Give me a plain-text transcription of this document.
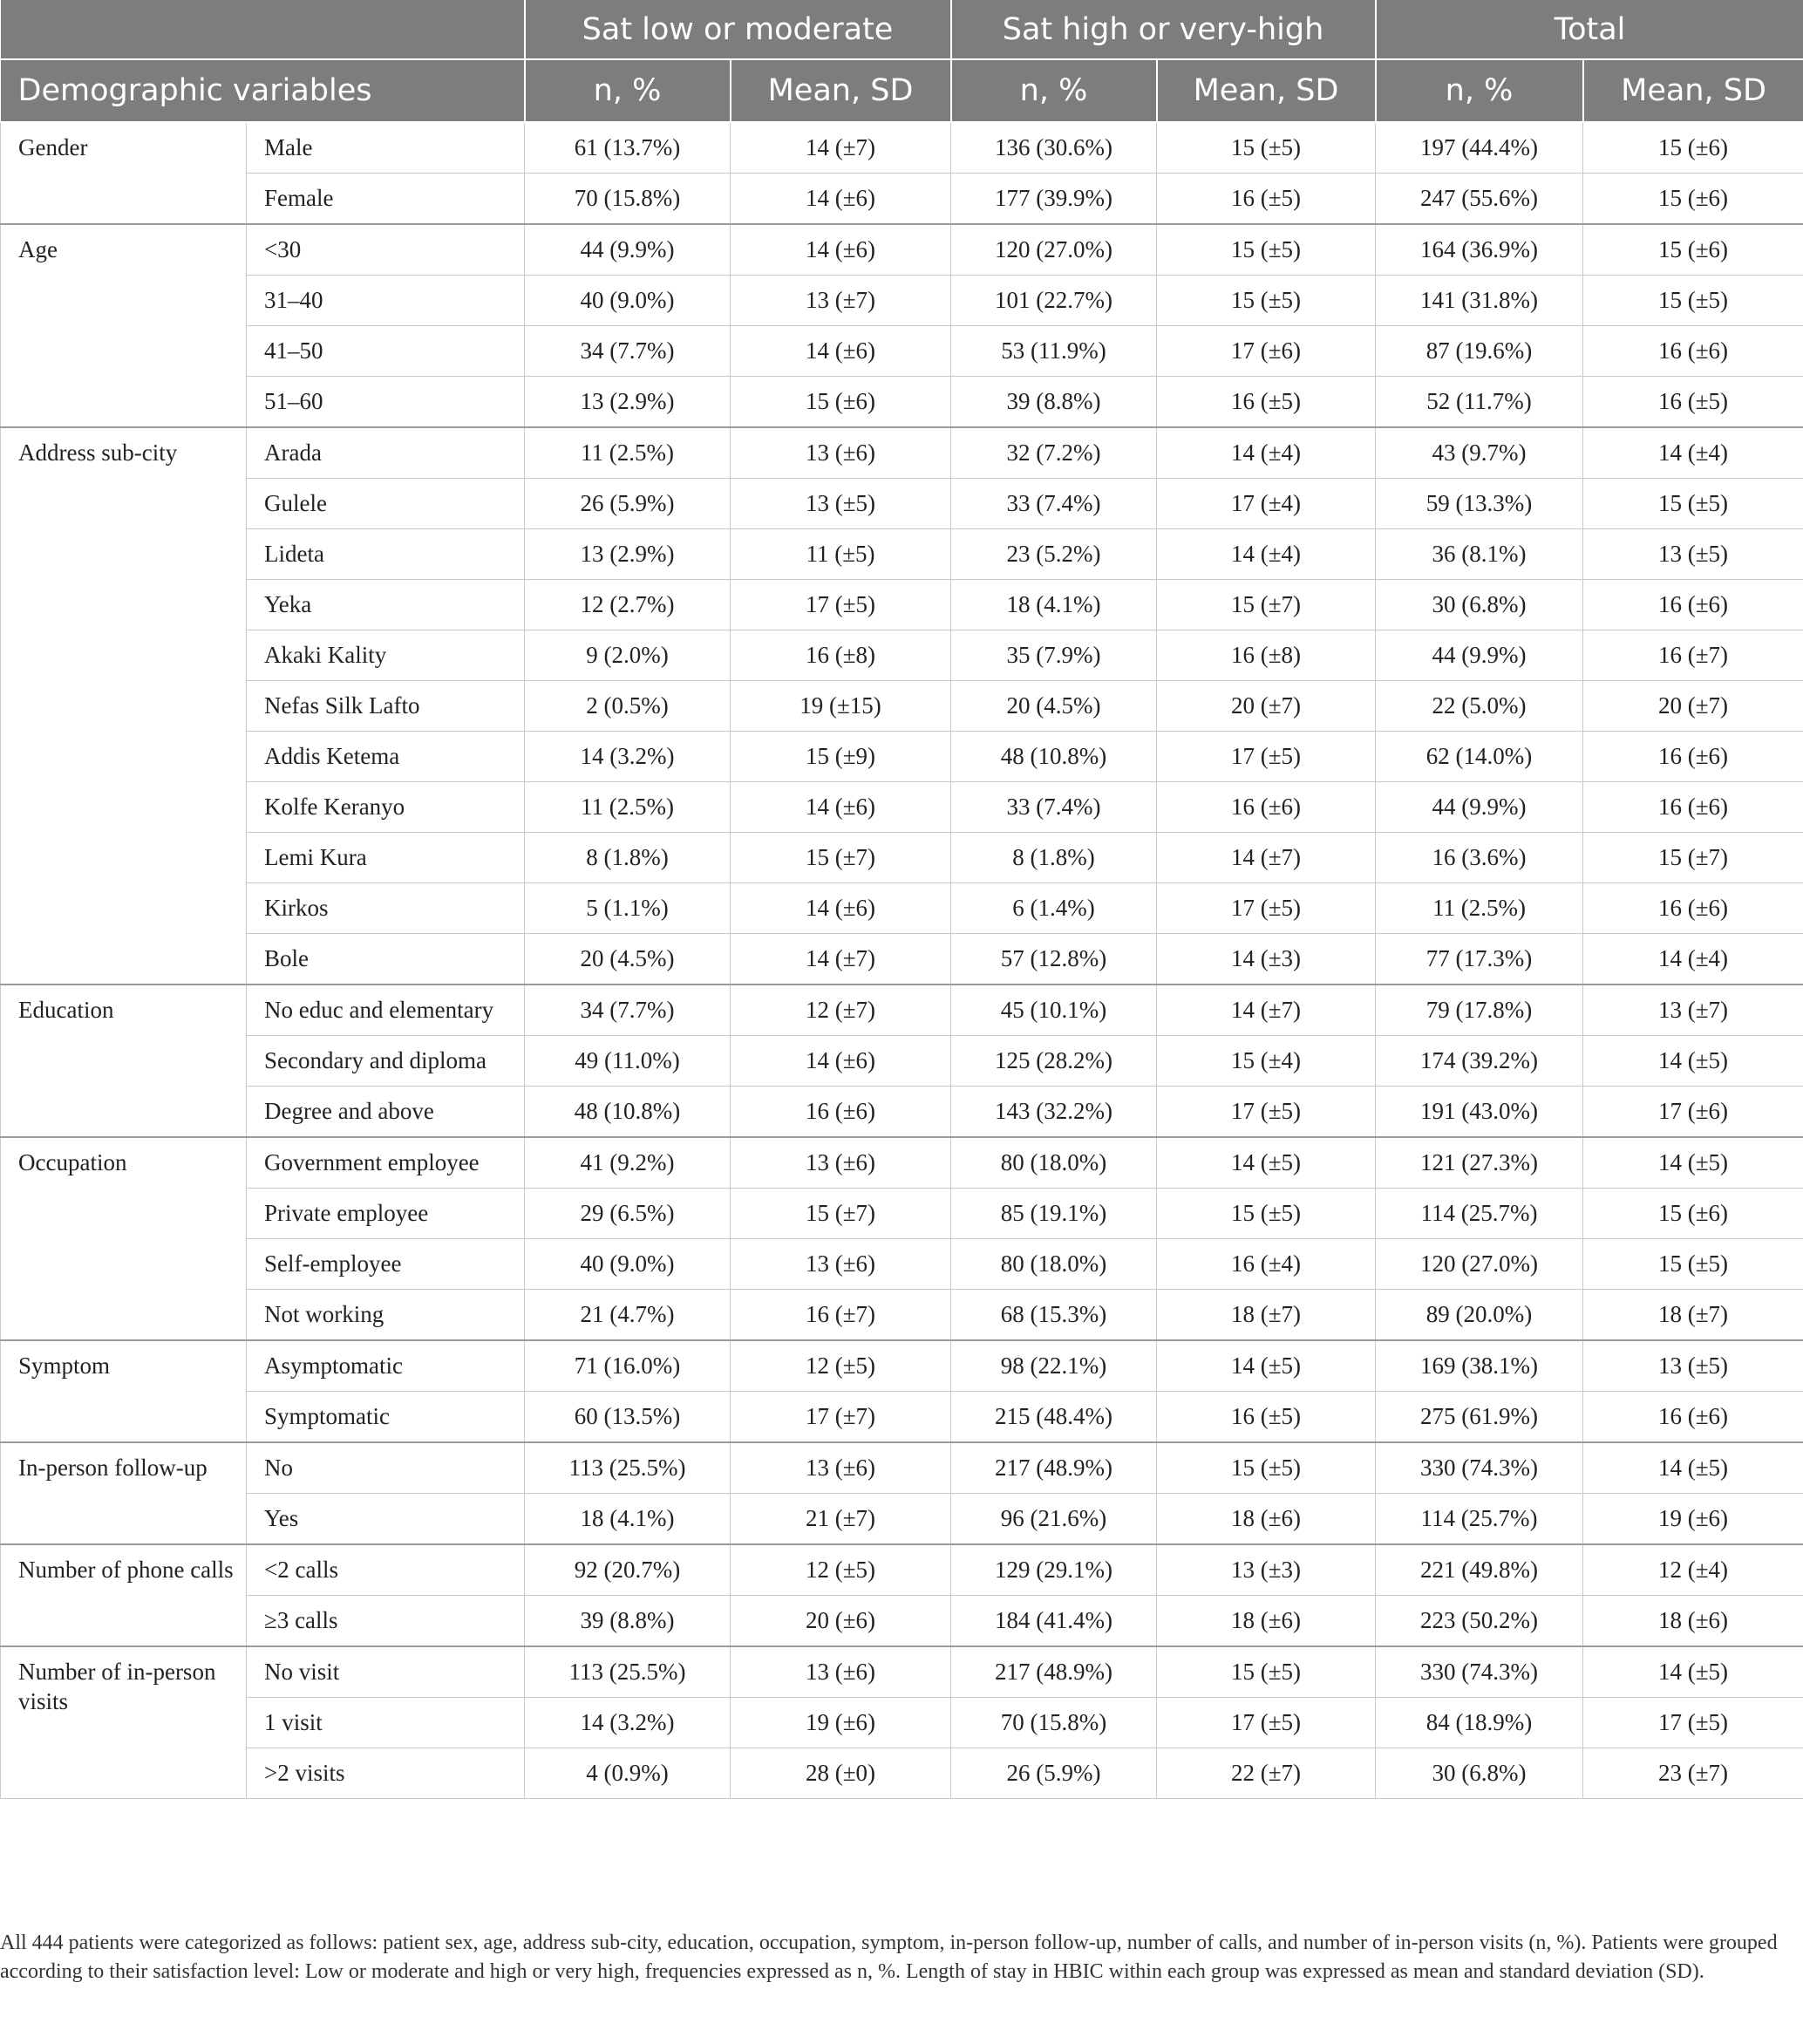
		Sat low or moderate		Sat high or very-high		Total	
Demographic variables		n, %	Mean, SD	n, %	Mean, SD	n, %	Mean, SD
Gender	Male	61 (13.7%)	14 (±7)	136 (30.6%)	15 (±5)	197 (44.4%)	15 (±6)
	Female	70 (15.8%)	14 (±6)	177 (39.9%)	16 (±5)	247 (55.6%)	15 (±6)
Age	<30	44 (9.9%)	14 (±6)	120 (27.0%)	15 (±5)	164 (36.9%)	15 (±6)
	31–40	40 (9.0%)	13 (±7)	101 (22.7%)	15 (±5)	141 (31.8%)	15 (±5)
	41–50	34 (7.7%)	14 (±6)	53 (11.9%)	17 (±6)	87 (19.6%)	16 (±6)
	51–60	13 (2.9%)	15 (±6)	39 (8.8%)	16 (±5)	52 (11.7%)	16 (±5)
Address sub-city	Arada	11 (2.5%)	13 (±6)	32 (7.2%)	14 (±4)	43 (9.7%)	14 (±4)
	Gulele	26 (5.9%)	13 (±5)	33 (7.4%)	17 (±4)	59 (13.3%)	15 (±5)
	Lideta	13 (2.9%)	11 (±5)	23 (5.2%)	14 (±4)	36 (8.1%)	13 (±5)
	Yeka	12 (2.7%)	17 (±5)	18 (4.1%)	15 (±7)	30 (6.8%)	16 (±6)
	Akaki Kality	9 (2.0%)	16 (±8)	35 (7.9%)	16 (±8)	44 (9.9%)	16 (±7)
	Nefas Silk Lafto	2 (0.5%)	19 (±15)	20 (4.5%)	20 (±7)	22 (5.0%)	20 (±7)
	Addis Ketema	14 (3.2%)	15 (±9)	48 (10.8%)	17 (±5)	62 (14.0%)	16 (±6)
	Kolfe Keranyo	11 (2.5%)	14 (±6)	33 (7.4%)	16 (±6)	44 (9.9%)	16 (±6)
	Lemi Kura	8 (1.8%)	15 (±7)	8 (1.8%)	14 (±7)	16 (3.6%)	15 (±7)
	Kirkos	5 (1.1%)	14 (±6)	6 (1.4%)	17 (±5)	11 (2.5%)	16 (±6)
	Bole	20 (4.5%)	14 (±7)	57 (12.8%)	14 (±3)	77 (17.3%)	14 (±4)
Education	No educ and elementary	34 (7.7%)	12 (±7)	45 (10.1%)	14 (±7)	79 (17.8%)	13 (±7)
	Secondary and diploma	49 (11.0%)	14 (±6)	125 (28.2%)	15 (±4)	174 (39.2%)	14 (±5)
	Degree and above	48 (10.8%)	16 (±6)	143 (32.2%)	17 (±5)	191 (43.0%)	17 (±6)
Occupation	Government employee	41 (9.2%)	13 (±6)	80 (18.0%)	14 (±5)	121 (27.3%)	14 (±5)
	Private employee	29 (6.5%)	15 (±7)	85 (19.1%)	15 (±5)	114 (25.7%)	15 (±6)
	Self-employee	40 (9.0%)	13 (±6)	80 (18.0%)	16 (±4)	120 (27.0%)	15 (±5)
	Not working	21 (4.7%)	16 (±7)	68 (15.3%)	18 (±7)	89 (20.0%)	18 (±7)
Symptom	Asymptomatic	71 (16.0%)	12 (±5)	98 (22.1%)	14 (±5)	169 (38.1%)	13 (±5)
	Symptomatic	60 (13.5%)	17 (±7)	215 (48.4%)	16 (±5)	275 (61.9%)	16 (±6)
In-person follow-up	No	113 (25.5%)	13 (±6)	217 (48.9%)	15 (±5)	330 (74.3%)	14 (±5)
	Yes	18 (4.1%)	21 (±7)	96 (21.6%)	18 (±6)	114 (25.7%)	19 (±6)
Number of phone calls	<2 calls	92 (20.7%)	12 (±5)	129 (29.1%)	13 (±3)	221 (49.8%)	12 (±4)
	≥3 calls	39 (8.8%)	20 (±6)	184 (41.4%)	18 (±6)	223 (50.2%)	18 (±6)
Number of in-person visits	No visit	113 (25.5%)	13 (±6)	217 (48.9%)	15 (±5)	330 (74.3%)	14 (±5)
	1 visit	14 (3.2%)	19 (±6)	70 (15.8%)	17 (±5)	84 (18.9%)	17 (±5)
	>2 visits	4 (0.9%)	28 (±0)	26 (5.9%)	22 (±7)	30 (6.8%)	23 (±7)
All 444 patients were categorized as follows: patient sex, age, address sub-city, education, occupation, symptom, in-person follow-up, number of calls, and number of in-person visits (n, %). Patients were grouped according to their satisfaction level: Low or moderate and high or very high, frequencies expressed as n, %. Length of stay in HBIC within each group was expressed as mean and standard deviation (SD).
